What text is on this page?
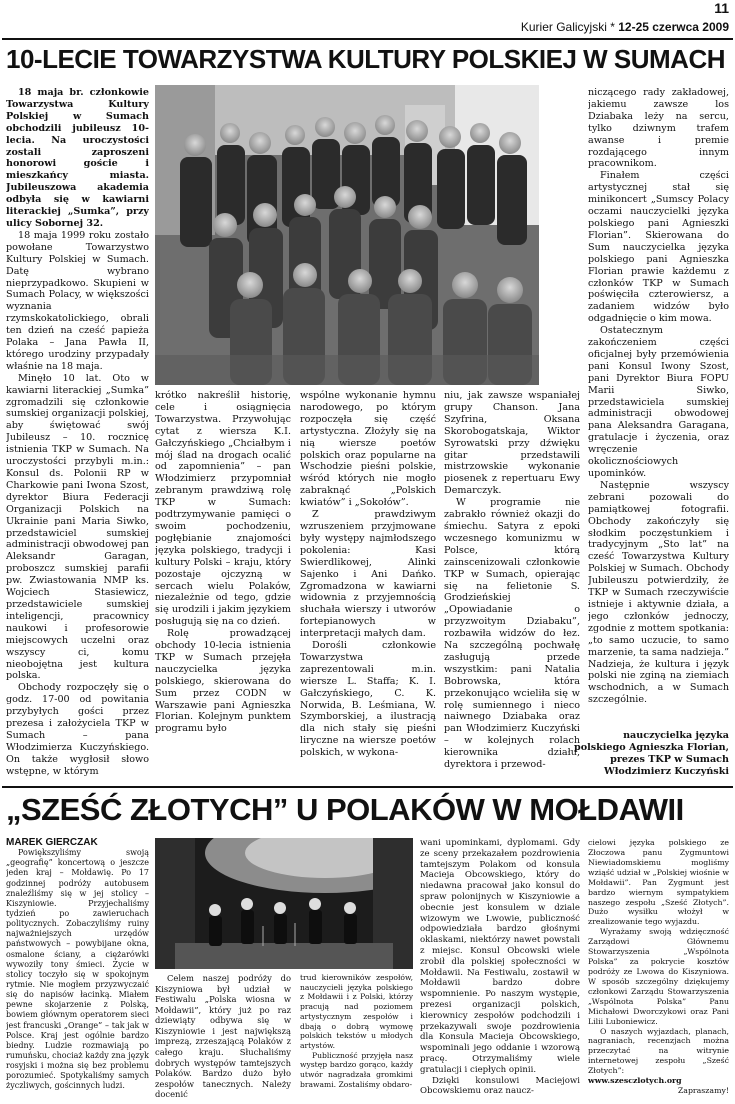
11
Kurier Galicyjski * 12-25 czerwca 2009
10-LECIE TOWARZYSTWA KULTURY POLSKIEJ W SUMACH

18 maja br. członkowie Towarzystwa Kultury Polskiej w Sumach obchodzili jubileusz 10-lecia. Na uroczystości zostali zaproszeni honorowi goście i mieszkańcy miasta. Jubileuszowa akademia odbyła się w kawiarni literackiej „Sumka”, przy ulicy Sobornej 32.

18 maja 1999 roku zostało powołane Towarzystwo Kultury Polskiej w Sumach. Datę wybrano nieprzypadkowo. Skupieni w Sumach Polacy, w większości wyznania rzymskokatolickiego, obrali ten dzień na cześć papieża Polaka – Jana Pawła II, którego urodziny przypadały właśnie na 18 maja.

Minęło 10 lat. Oto w kawiarni literackiej „Sumka” zgromadzili się członkowie sumskiej organizacji polskiej, aby świętować swój Jubileusz – 10. rocznicę istnienia TKP w Sumach. Na uroczystości przybyli m.in.: Konsul ds. Polonii RP w Charkowie pani Iwona Szost, dyrektor Biura Federacji Organizacji Polskich na Ukrainie pani Maria Siwko, przedstawiciel sumskiej administracji obwodowej pan Aleksandr Garagan, proboszcz sumskiej parafii pw. Zwiastowania NMP ks. Wojciech Stasiewicz, przedstawiciele sumskiej inteligencji, pracownicy naukowi i profesorowie miejscowych uczelni oraz wszyscy ci, komu nieobojętna jest kultura polska.

Obchody rozpoczęły się o godz. 17-00 od powitania przybyłych gości przez prezesa i założyciela TKP w Sumach – pana Włodzimierza Kuczyńskiego. On także wygłosił słowo wstępne, w którym

krótko nakreślił historię, cele i osiągnięcia Towarzystwa. Przywołując cytat z wiersza K.I. Gałczyńskiego „Chciałbym i mój ślad na drogach ocalić od zapomnienia” – pan Włodzimierz przypomniał zebranym prawdziwą rolę TKP w Sumach: podtrzymywanie pamięci o swoim pochodzeniu, pogłębianie znajomości języka polskiego, tradycji i kultury Polski – kraju, który pozostaje ojczyzną w sercach wielu Polaków, niezależnie od tego, gdzie się urodzili i jakim językiem posługują się na co dzień.

Rolę prowadzącej obchody 10-lecia istnienia TKP w Sumach przejęła nauczycielka języka polskiego, skierowana do Sum przez CODN w Warszawie pani Agnieszka Florian. Kolejnym punktem programu było

wspólne wykonanie hymnu narodowego, po którym rozpoczęła się część artystyczna. Złożyły się na nią wiersze poetów polskich oraz popularne na Wschodzie pieśni polskie, wśród których nie mogło zabraknąć „Polskich kwiatów” i „Sokołów”.

Z prawdziwym wzruszeniem przyjmowane były występy najmłodszego pokolenia: Kasi Swierdlikowej, Alinki Sajenko i Ani Dańko. Zgromadzona w kawiarni widownia z przyjemnością słuchała wierszy i utworów fortepianowych w interpretacji małych dam.

Dorośli członkowie Towarzystwa zaprezentowali m.in. wiersze L. Staffa; K. I. Gałczyńskiego, C. K. Norwida, B. Leśmiana, W. Szymborskiej, a ilustracją dla nich stały się pieśni liryczne na wiersze poetów polskich, w wykona-

niu, jak zawsze wspaniałej grupy Chanson. Jana Szyfrina, Oksana Skorobogatskaja, Wiktor Syrowatski przy dźwięku gitar przedstawili mistrzowskie wykonanie piosenek z repertuaru Ewy Demarczyk.

W programie nie zabrakło również okazji do śmiechu. Satyra z epoki wczesnego komunizmu w Polsce, którą zainscenizowali członkowie TKP w Sumach, opierając się na felietonie S. Grodzieńskiej „Opowiadanie o przyzwoitym Dziabaku”, rozbawiła widzów do łez. Na szczególną pochwałę zasługują przede wszystkim: pani Natalia Bobrowska, która przekonująco wcieliła się w rolę sumiennego i nieco naiwnego Dziabaka oraz pan Włodzimierz Kuczyński – w kolejnych rolach kierownika działu, dyrektora i przewod-

niczącego rady zakładowej, jakiemu zawsze los Dziabaka leży na sercu, tylko dziwnym trafem awanse i premie rozdającego innym pracownikom.

Finałem części artystycznej stał się minikoncert „Sumscy Polacy oczami nauczycielki języka polskiego pani Agnieszki Florian”. Skierowana do Sum nauczycielka języka polskiego pani Agnieszka Florian prawie każdemu z członków TKP w Sumach poświęciła czterowiersz, a zadaniem widzów było odgadnięcie o kim mowa.

Ostatecznym zakończeniem części oficjalnej były przemówienia pani Konsul Iwony Szost, pani Dyrektor Biura FOPU Marii Siwko, przedstawiciela sumskiej administracji obwodowej pana Aleksandra Garagana, gratulacje i życzenia, oraz wręczenie okolicznościowych upominków.

Następnie wszyscy zebrani pozowali do pamiątkowej fotografii. Obchody zakończyły się słodkim poczęstunkiem i tradycyjnym „Sto lat” na cześć Towarzystwa Kultury Polskiej w Sumach. Obchody Jubileuszu potwierdziły, że TKP w Sumach rzeczywiście istnieje i aktywnie działa, a jego członków jednoczy, zgodnie z mottem spotkania: „to samo uczucie, to samo marzenie, ta sama nadzieja.” Nadzieja, że kultura i język polski nie zginą na ziemiach wschodnich, a w Sumach szczególnie.

nauczycielka języka
polskiego Agnieszka Florian,
prezes TKP w Sumach
Włodzimierz Kuczyński
„SZEŚĆ ZŁOTYCH” U POLAKÓW W MOŁDAWII
MAREK GIERCZAK

Powiększyliśmy swoją „geografię” koncertową o jeszcze jeden kraj – Mołdawię. Po 17 godzinnej podróży autobusem znaleźliśmy się w jej stolicy – Kiszyniowie. Przyjechaliśmy tydzień po zawieruchach politycznych. Zobaczyliśmy ruiny najważniejszych urzędów państwowych – powybijane okna, osmalone ściany, a ciężarówki wywoziły tony śmieci. Życie w stolicy toczyło się w spokojnym rytmie. Nie mogłem przyzwyczaić się do napisów łacinką. Miałem pewne skojarzenie z Polską, bowiem głównym operatorem sieci jest francuski „Orange” – tak jak w Polsce. Kraj jest ogólnie bardzo biedny. Ludzie rozmawiają po rumuńsku, chociaż każdy zna język rosyjski i można się bez problemu porozumieć. Spotykaliśmy samych życzliwych, gościnnych ludzi.

Celem naszej podróży do Kiszyniowa był udział w Festiwalu „Polska wiosna w Mołdawii”, który już po raz dziewiąty odbywa się w Kiszyniowie i jest największą imprezą, zrzeszającą Polaków z całego kraju. Słuchaliśmy dobrych występów tamtejszych Polaków. Bardzo dużo było zespołów tanecznych. Należy docenić

trud kierowników zespołów, nauczycieli języka polskiego z Mołdawii i z Polski, którzy pracują nad poziomem artystycznym zespołów i dbają o dobrą wymowę polskich tekstów u młodych artystów.

Publiczność przyjęła nasz występ bardzo gorąco, każdy utwór nagradzała gromkimi brawami. Zostaliśmy obdaro-

wani upominkami, dyplomami. Gdy ze sceny przekazałem pozdrowienia tamtejszym Polakom od konsula Macieja Obcowskiego, który do niedawna pracował jako konsul do spraw polonijnych w Kiszyniowie a obecnie jest konsulem w dziale wizowym we Lwowie, publiczność odpowiedziała bardzo głośnymi oklaskami, niektórzy nawet powstali z miejsc. Konsul Obcowski wiele zrobił dla polskiej społeczności w Mołdawii. Na Festiwalu, zostawił w Mołdawii bardzo dobre wspomnienie. Po naszym występie, prezesi organizacji polskich, kierownicy zespołów podchodzili i przekazywali swoje pozdrowienia dla Konsula Macieja Obcowskiego, wspominali jego oddanie i wzorową pracę. Otrzymaliśmy wiele gratulacji i ciepłych opinii.

Dzięki konsulowi Maciejowi Obcowskiemu oraz naucz-

cielowi języka polskiego ze Złoczowa panu Zygmuntowi Niewiadomskiemu mogliśmy wziąść udział w „Polskiej wiośnie w Mołdawii”. Pan Zygmunt jest bardzo wiernym sympatykiem naszego zespołu „Sześć Złotych”. Dużo wysiłku włożył w zrealizowanie tego wyjazdu.

Wyrażamy swoją wdzięczność Zarządowi Głównemu Stowarzyszenia „Wspólnota Polska” za pokrycie kosztów podróży ze Lwowa do Kiszyniowa. W sposób szczególny dziękujemy członkowi Zarządu Stowarzyszenia „Wspólnota Polska” Panu Michałowi Dworczykowi oraz Pani Lilii Luboniewicz.

O naszych wyjazdach, planach, nagraniach, recenzjach można przeczytać na witrynie internetowej zespołu „Sześć Złotych”:

www.szesczlotych.org

Zapraszamy!
